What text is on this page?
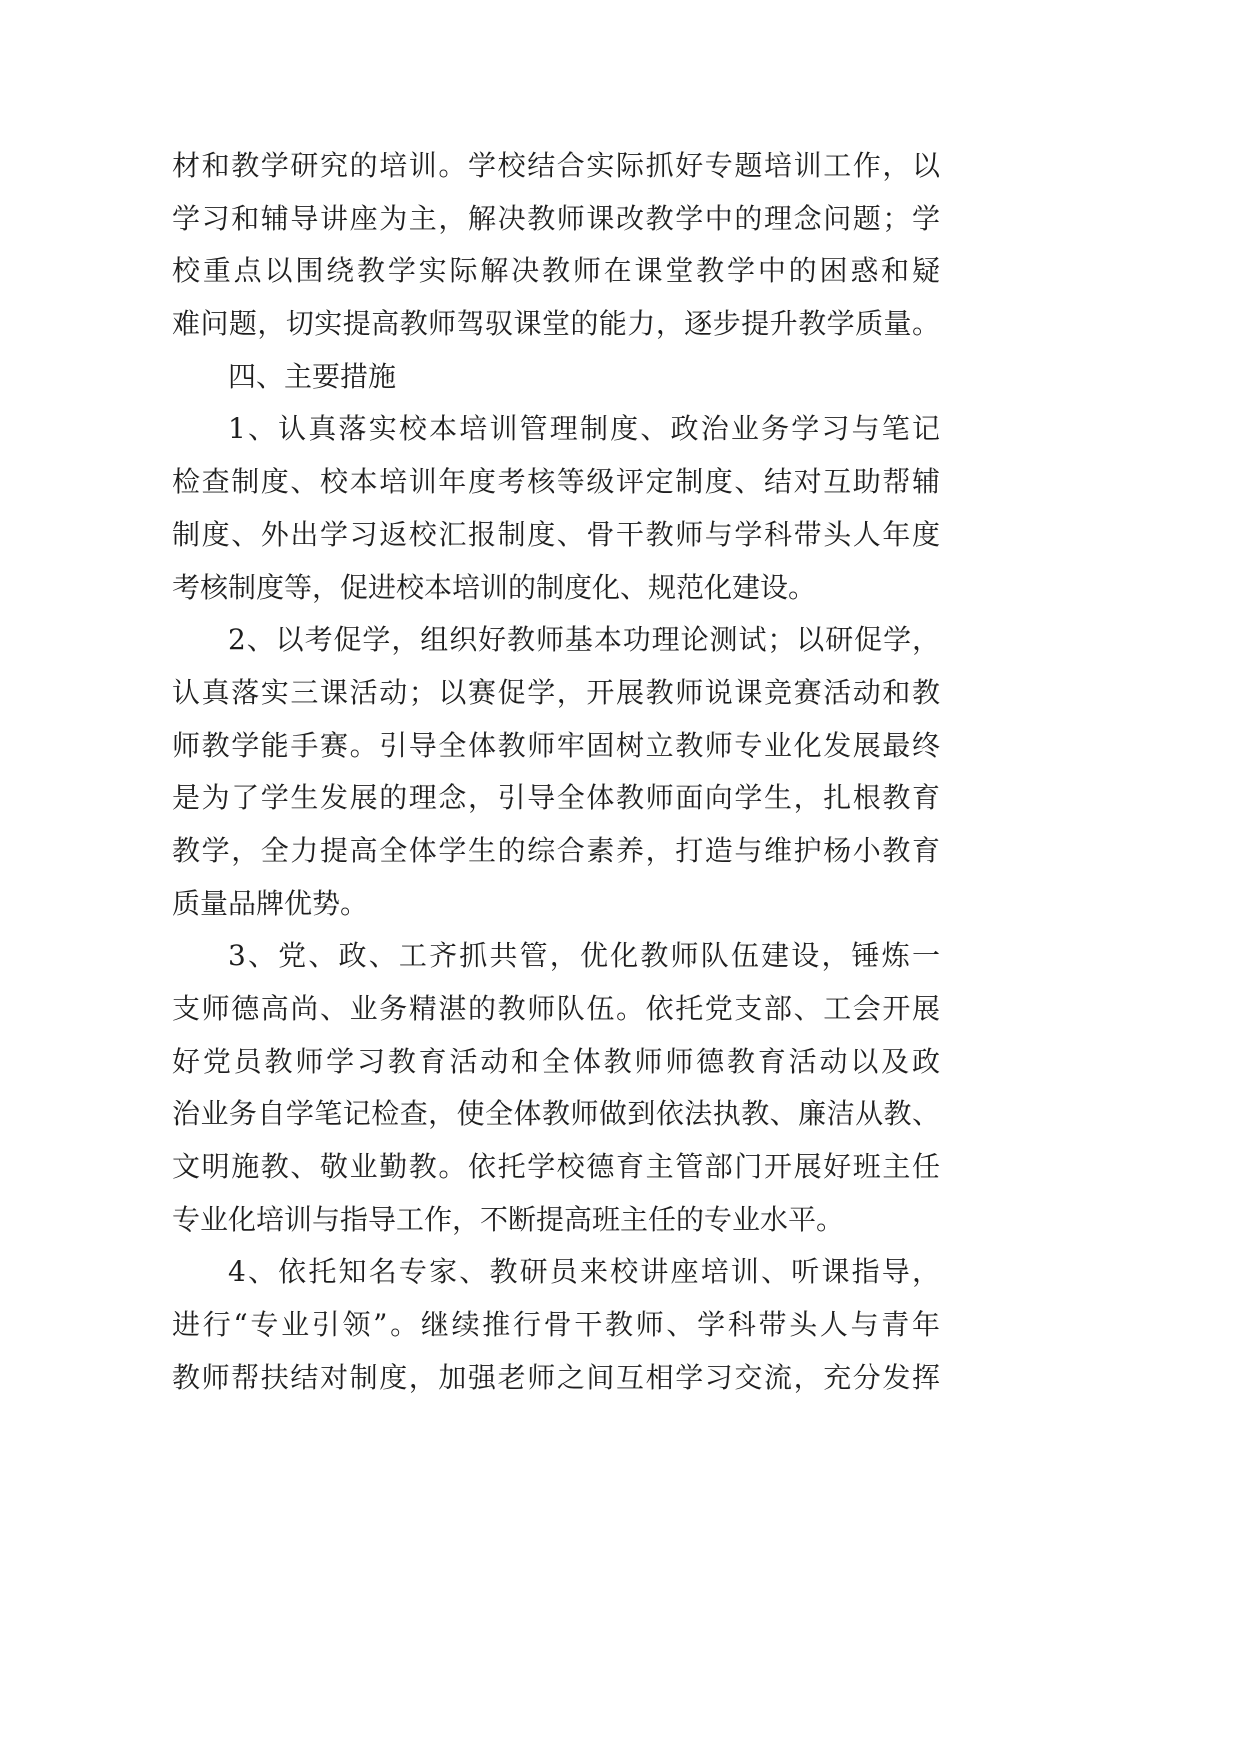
材和教学研究的培训。学校结合实际抓好专题培训工作，以
学习和辅导讲座为主，解决教师课改教学中的理念问题；学
校重点以围绕教学实际解决教师在课堂教学中的困惑和疑
难问题，切实提高教师驾驭课堂的能力，逐步提升教学质量。
四、主要措施
1、认真落实校本培训管理制度、政治业务学习与笔记
检查制度、校本培训年度考核等级评定制度、结对互助帮辅
制度、外出学习返校汇报制度、骨干教师与学科带头人年度
考核制度等，促进校本培训的制度化、规范化建设。
2、以考促学，组织好教师基本功理论测试；以研促学，
认真落实三课活动；以赛促学，开展教师说课竞赛活动和教
师教学能手赛。引导全体教师牢固树立教师专业化发展最终
是为了学生发展的理念，引导全体教师面向学生，扎根教育
教学，全力提高全体学生的综合素养，打造与维护杨小教育
质量品牌优势。
3、党、政、工齐抓共管，优化教师队伍建设，锤炼一
支师德高尚、业务精湛的教师队伍。依托党支部、工会开展
好党员教师学习教育活动和全体教师师德教育活动以及政
治业务自学笔记检查，使全体教师做到依法执教、廉洁从教、
文明施教、敬业勤教。依托学校德育主管部门开展好班主任
专业化培训与指导工作，不断提高班主任的专业水平。
4、依托知名专家、教研员来校讲座培训、听课指导，
进行“专业引领”。继续推行骨干教师、学科带头人与青年
教师帮扶结对制度，加强老师之间互相学习交流，充分发挥
